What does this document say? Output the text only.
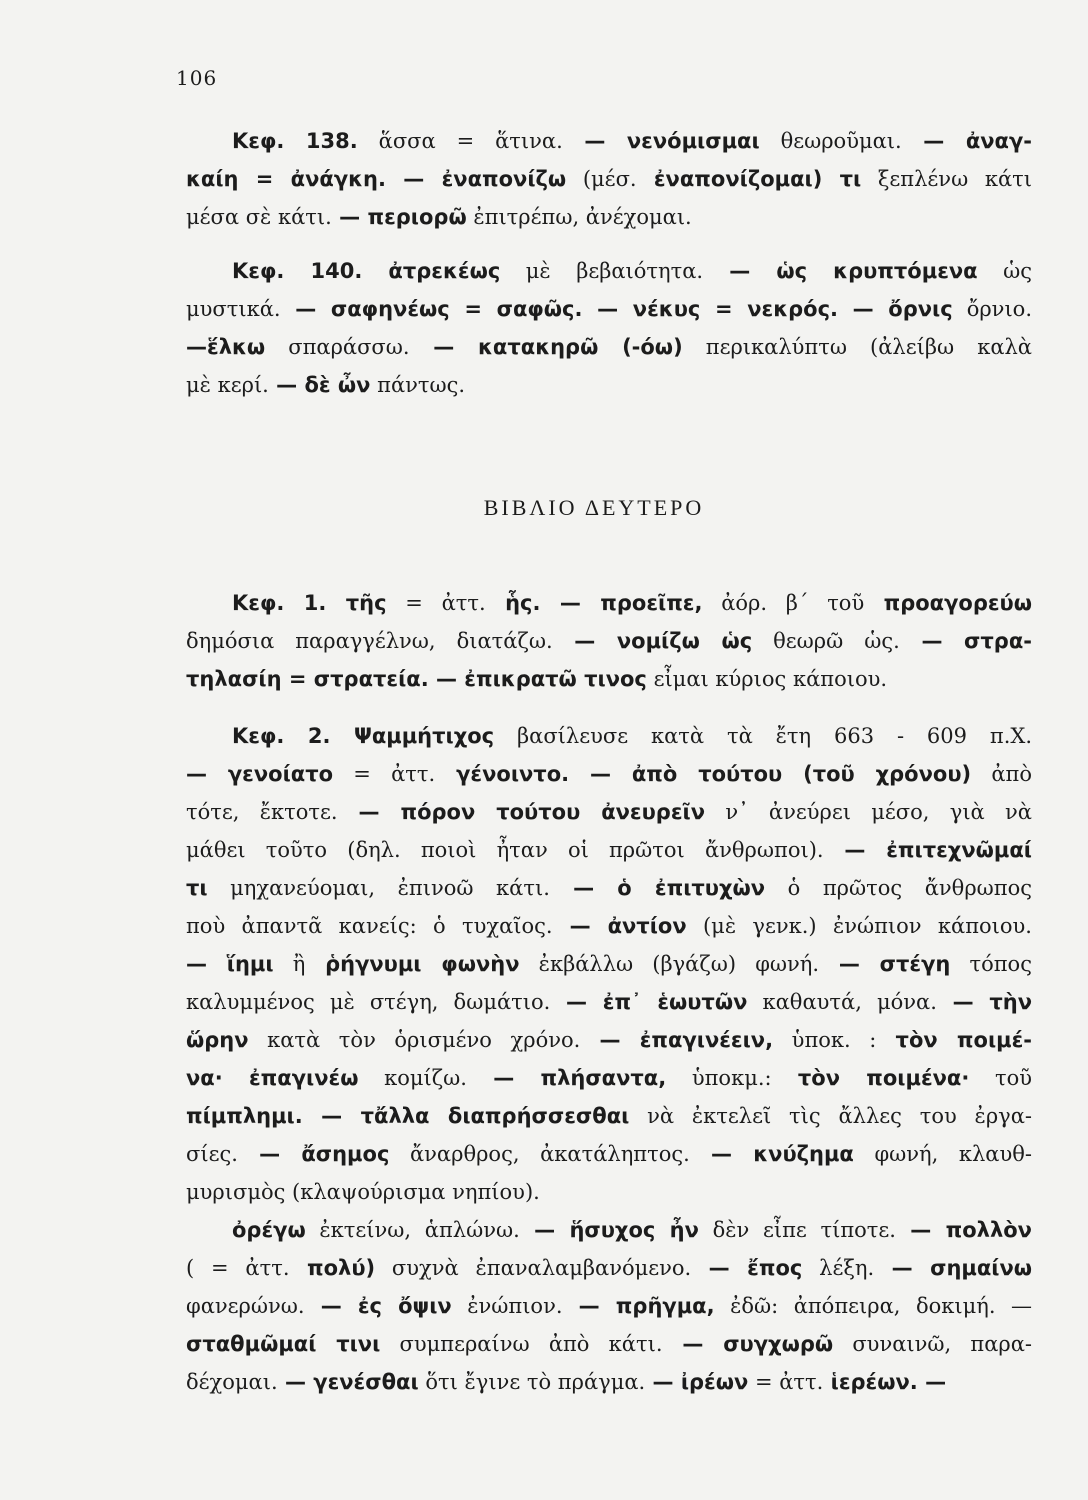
106
Κεφ. 138. ἅσσα = ἅτινα. — νενόμισμαι θεωροῦμαι. — ἀναγ-
καίη = ἀνάγκη. — ἐναπονίζω (μέσ. ἐναπονίζομαι) τι ξεπλένω κάτι
μέσα σὲ κάτι. — περιορῶ ἐπιτρέπω, ἀνέχομαι.
Κεφ. 140. ἀτρεκέως μὲ βεβαιότητα. — ὡς κρυπτόμενα ὡς
μυστικά. — σαφηνέως = σαφῶς. — νέκυς = νεκρός. — ὄρνις ὄρνιο.
—ἕλκω σπαράσσω. — κατακηρῶ (-όω) περικαλύπτω (ἀλείβω καλὰ
μὲ κερί. — δὲ ὦν πάντως.
ΒΙΒΛΙΟ ΔΕΥΤΕΡΟ
Κεφ. 1. τῆς = ἀττ. ἧς. — προεῖπε, ἀόρ. β΄ τοῦ προαγορεύω
δημόσια παραγγέλνω, διατάζω. — νομίζω ὡς θεωρῶ ὡς. — στρα-
τηλασίη = στρατεία. — ἐπικρατῶ τινος εἶμαι κύριος κάποιου.
Κεφ. 2. Ψαμμήτιχος βασίλευσε κατὰ τὰ ἔτη 663 - 609 π.Χ.
— γενοίατο = ἀττ. γένοιντο. — ἀπὸ τούτου (τοῦ χρόνου) ἀπὸ
τότε, ἔκτοτε. — πόρον τούτου ἀνευρεῖν ν᾽ ἀνεύρει μέσο, γιὰ νὰ
μάθει τοῦτο (δηλ. ποιοὶ ἦταν οἱ πρῶτοι ἄνθρωποι). — ἐπιτεχνῶμαί
τι μηχανεύομαι, ἐπινοῶ κάτι. — ὁ ἐπιτυχὼν ὁ πρῶτος ἄνθρωπος
ποὺ ἀπαντᾶ κανείς: ὁ τυχαῖος. — ἀντίον (μὲ γενκ.) ἐνώπιον κάποιου.
— ἵημι ἢ ῥήγνυμι φωνὴν ἐκβάλλω (βγάζω) φωνή. — στέγη τόπος
καλυμμένος μὲ στέγη, δωμάτιο. — ἐπ᾽ ἑωυτῶν καθαυτά, μόνα. — τὴν
ὥρην κατὰ τὸν ὁρισμένο χρόνο. — ἐπαγινέειν, ὑποκ. : τὸν ποιμέ-
να· ἐπαγινέω κομίζω. — πλήσαντα, ὑποκμ.: τὸν ποιμένα· τοῦ
πίμπλημι. — τἄλλα διαπρήσσεσθαι νὰ ἐκτελεῖ τὶς ἄλλες του ἐργα-
σίες. — ἄσημος ἄναρθρος, ἀκατάληπτος. — κνύζημα φωνή, κλαυθ-
μυρισμὸς (κλαψούρισμα νηπίου).
ὀρέγω ἐκτείνω, ἁπλώνω. — ἥσυχος ἦν δὲν εἶπε τίποτε. — πολλὸν
( = ἀττ. πολύ) συχνὰ ἐπαναλαμβανόμενο. — ἔπος λέξη. — σημαίνω
φανερώνω. — ἐς ὄψιν ἐνώπιον. — πρῆγμα, ἐδῶ: ἀπόπειρα, δοκιμή. —
σταθμῶμαί τινι συμπεραίνω ἀπὸ κάτι. — συγχωρῶ συναινῶ, παρα-
δέχομαι. — γενέσθαι ὅτι ἔγινε τὸ πράγμα. — ἰρέων = ἀττ. ἱερέων. —
